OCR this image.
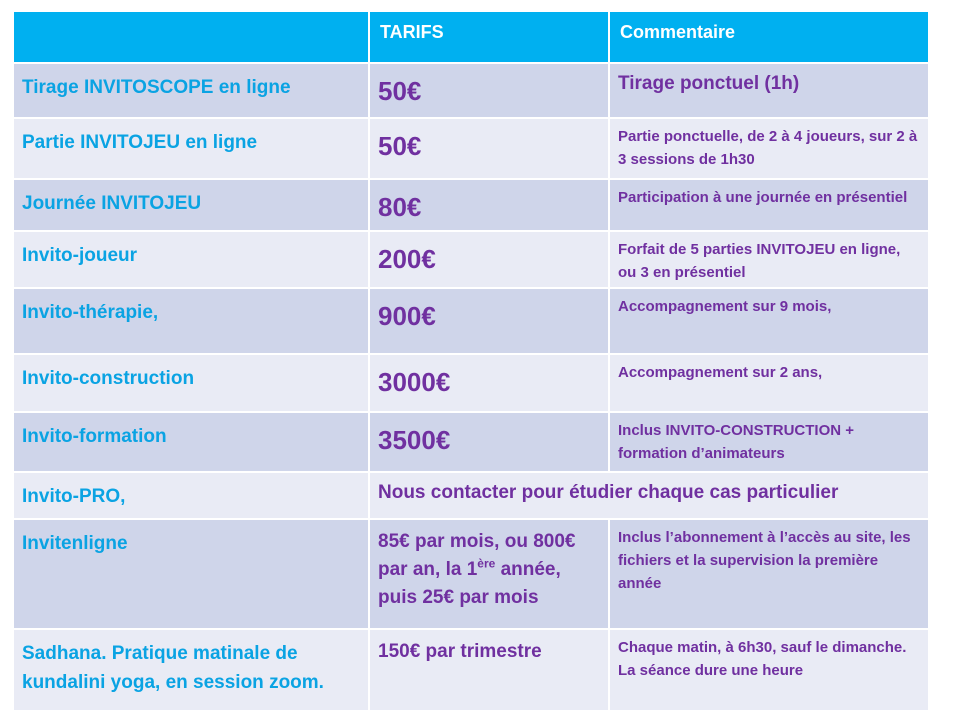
	TARIFS	Commentaire
Tirage INVITOSCOPE en ligne	50€	Tirage ponctuel (1h)
Partie INVITOJEU en ligne	50€	Partie ponctuelle, de 2 à 4 joueurs, sur 2 à 3 sessions de 1h30
Journée INVITOJEU	80€	Participation à une journée en présentiel
Invito-joueur	200€	Forfait de 5 parties INVITOJEU en ligne, ou 3 en présentiel
Invito-thérapie,	900€	Accompagnement sur 9 mois,
Invito-construction	3000€	Accompagnement sur 2 ans,
Invito-formation	3500€	Inclus INVITO-CONSTRUCTION + formation d’animateurs
Invito-PRO,	Nous contacter pour étudier chaque cas particulier	
Invitenligne	85€ par mois, ou 800€ par an, la 1ère année, puis 25€ par mois	Inclus l’abonnement à l’accès au site, les fichiers et la supervision la première année
Sadhana. Pratique matinale de kundalini yoga, en session zoom.	150€ par trimestre	Chaque matin, à 6h30, sauf le dimanche. La séance dure une heure
